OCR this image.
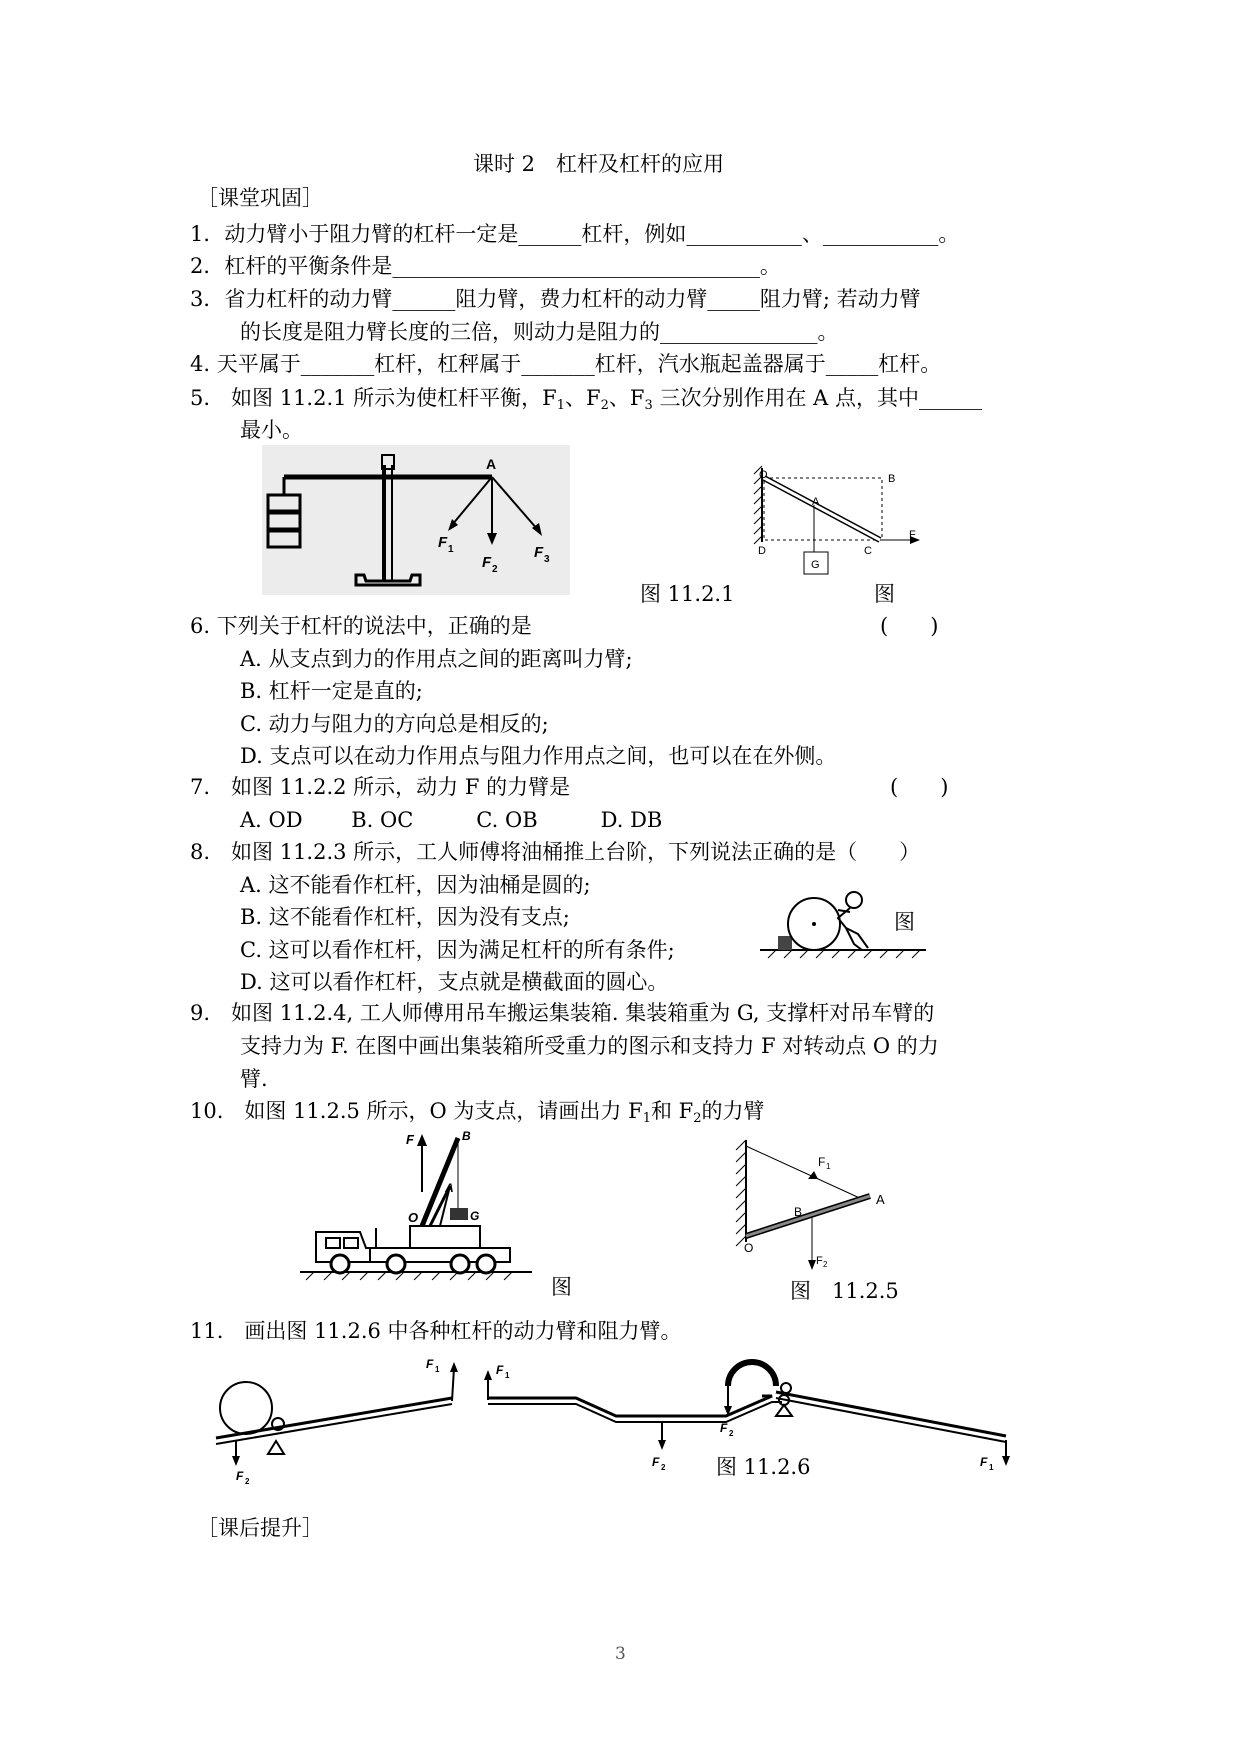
课时 2　杠杆及杠杆的应用
［课堂巩固］
1．动力臂小于阻力臂的杠杆一定是______杠杆，例如___________、___________。
2．杠杆的平衡条件是___________________________________。
3．省力杠杆的动力臂______阻力臂，费力杠杆的动力臂_____阻力臂; 若动力臂
的长度是阻力臂长度的三倍，则动力是阻力的_______________。
4. 天平属于_______杠杆，杠秤属于_______杠杆，汽水瓶起盖器属于_____杠杆。
5.　如图 11.2.1 所示为使杠杆平衡，$F_1$、$F_2$、$F_3$ 三次分别作用在 A 点，其中______
最小。
A
F 1
F 2
F 3
图 11.2.1
O	B
A
D	C
F
G
图
6. 下列关于杠杆的说法中，正确的是	(　　)
A. 从支点到力的作用点之间的距离叫力臂;
B. 杠杆一定是直的;
C. 动力与阻力的方向总是相反的;
D. 支点可以在动力作用点与阻力作用点之间，也可以在在外侧。
7.　如图 11.2.2 所示，动力 F 的力臂是	(　　)
A. OD　　 B. OC　　　C. OB　　　D. DB
8.　如图 11.2.3 所示，工人师傅将油桶推上台阶，下列说法正确的是（　　）
A. 这不能看作杠杆，因为油桶是圆的;
B. 这不能看作杠杆，因为没有支点;
C. 这可以看作杠杆，因为满足杠杆的所有条件;
D. 这可以看作杠杆，支点就是横截面的圆心。
图
9.　如图 11.2.4, 工人师傅用吊车搬运集装箱. 集装箱重为 G, 支撑杆对吊车臂的
支持力为 F. 在图中画出集装箱所受重力的图示和支持力 F 对转动点 O 的力
臂.
10.　如图 11.2.5 所示，O 为支点，请画出力 $F_1$和 $F_2$的力臂
F	B
A
O	G
图
F 1
A
B
O
F 2
图　11.2.5
11.　画出图 11.2.6 中各种杠杆的动力臂和阻力臂。
F 1
F 2
F 1
F 2
F 2
F 1
图 11.2.6
［课后提升］
3
